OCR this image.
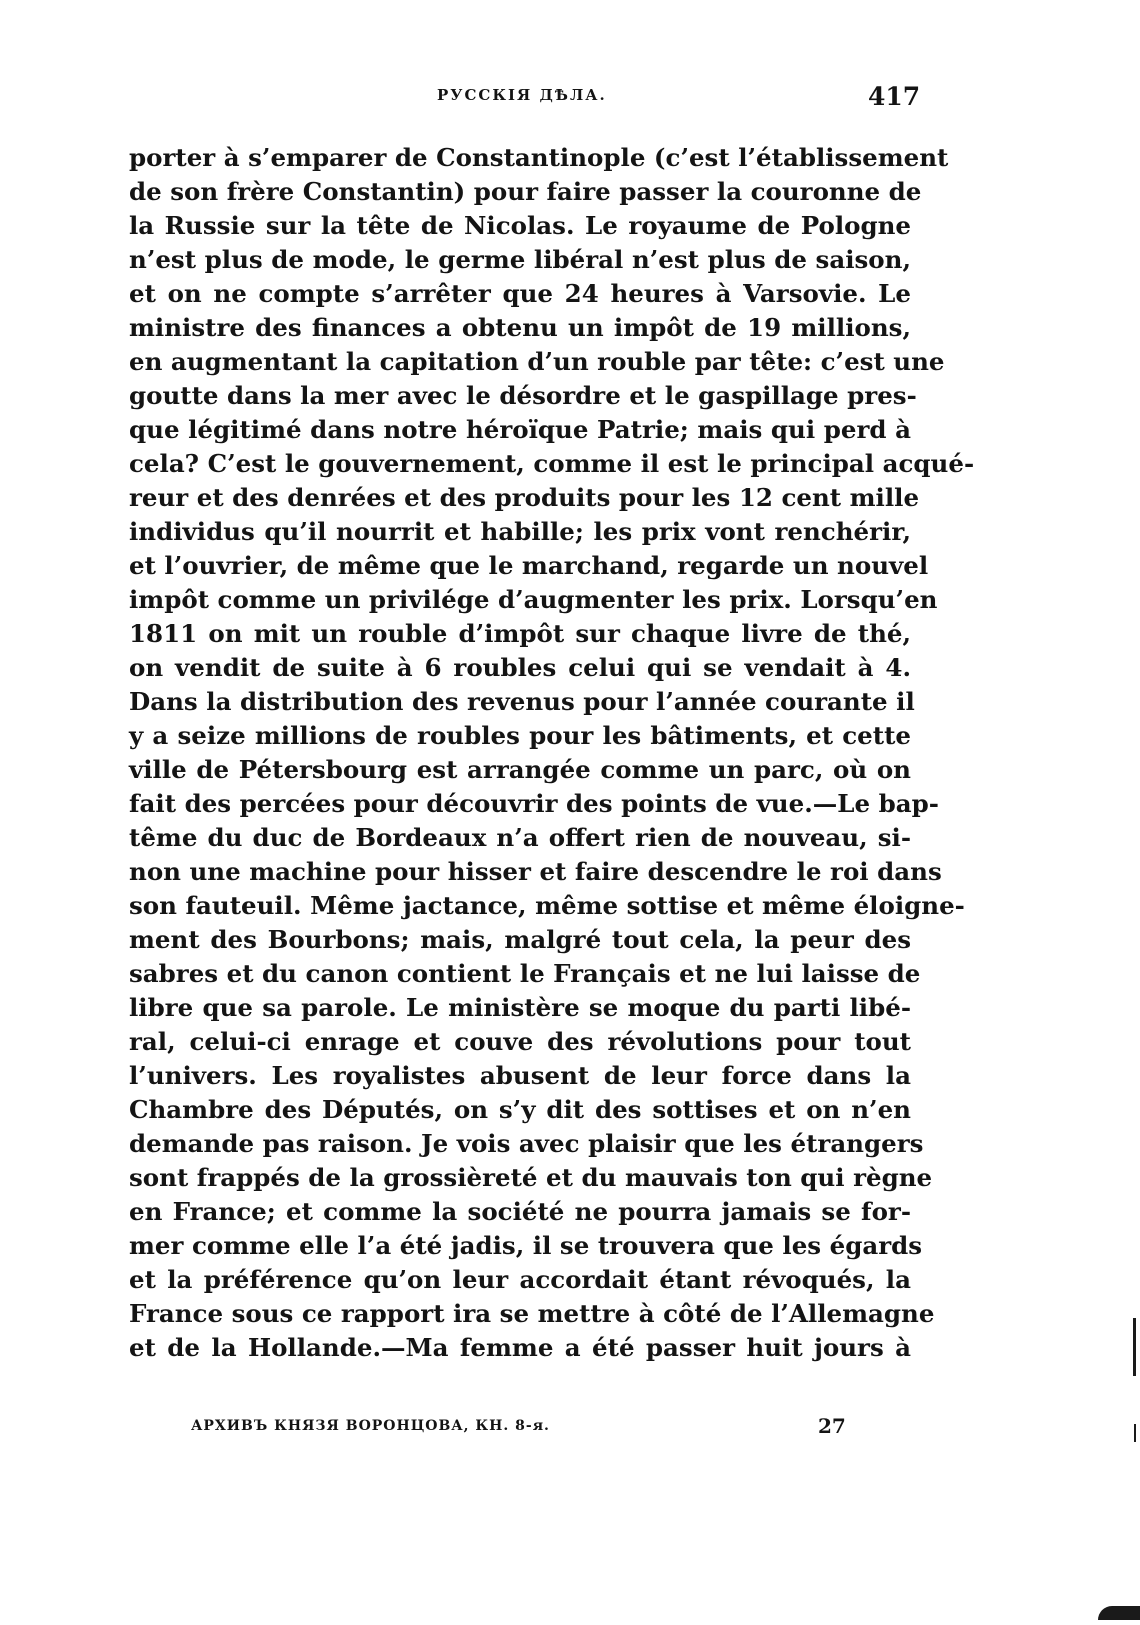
РУССКІЯ ДѢЛА.	417
porter à s’emparer de Constantinople (c’est l’établissement
de son frère Constantin) pour faire passer la couronne de
la Russie sur la tête de Nicolas. Le royaume de Pologne
n’est plus de mode, le germe libéral n’est plus de saison,
et on ne compte s’arrêter que 24 heures à Varsovie. Le
ministre des finances a obtenu un impôt de 19 millions,
en augmentant la capitation d’un rouble par tête: c’est une
goutte dans la mer avec le désordre et le gaspillage pres-
que légitimé dans notre héroïque Patrie; mais qui perd à
cela? C’est le gouvernement, comme il est le principal acqué-
reur et des denrées et des produits pour les 12 cent mille
individus qu’il nourrit et habille; les prix vont renchérir,
et l’ouvrier, de même que le marchand, regarde un nouvel
impôt comme un privilége d’augmenter les prix. Lorsqu’en
1811 on mit un rouble d’impôt sur chaque livre de thé,
on vendit de suite à 6 roubles celui qui se vendait à 4.
Dans la distribution des revenus pour l’année courante il
y a seize millions de roubles pour les bâtiments, et cette
ville de Pétersbourg est arrangée comme un parc, où on
fait des percées pour découvrir des points de vue.—Le bap-
tême du duc de Bordeaux n’a offert rien de nouveau, si-
non une machine pour hisser et faire descendre le roi dans
son fauteuil. Même jactance, même sottise et même éloigne-
ment des Bourbons; mais, malgré tout cela, la peur des
sabres et du canon contient le Français et ne lui laisse de
libre que sa parole. Le ministère se moque du parti libé-
ral, celui-ci enrage et couve des révolutions pour tout
l’univers. Les royalistes abusent de leur force dans la
Chambre des Députés, on s’y dit des sottises et on n’en
demande pas raison. Je vois avec plaisir que les étrangers
sont frappés de la grossièreté et du mauvais ton qui règne
en France; et comme la société ne pourra jamais se for-
mer comme elle l’a été jadis, il se trouvera que les égards
et la préférence qu’on leur accordait étant révoqués, la
France sous ce rapport ira se mettre à côté de l’Allemagne
et de la Hollande.—Ma femme a été passer huit jours à
АРХИВЪ КНЯЗЯ ВОРОНЦОВА, КН. 8-я.	27
